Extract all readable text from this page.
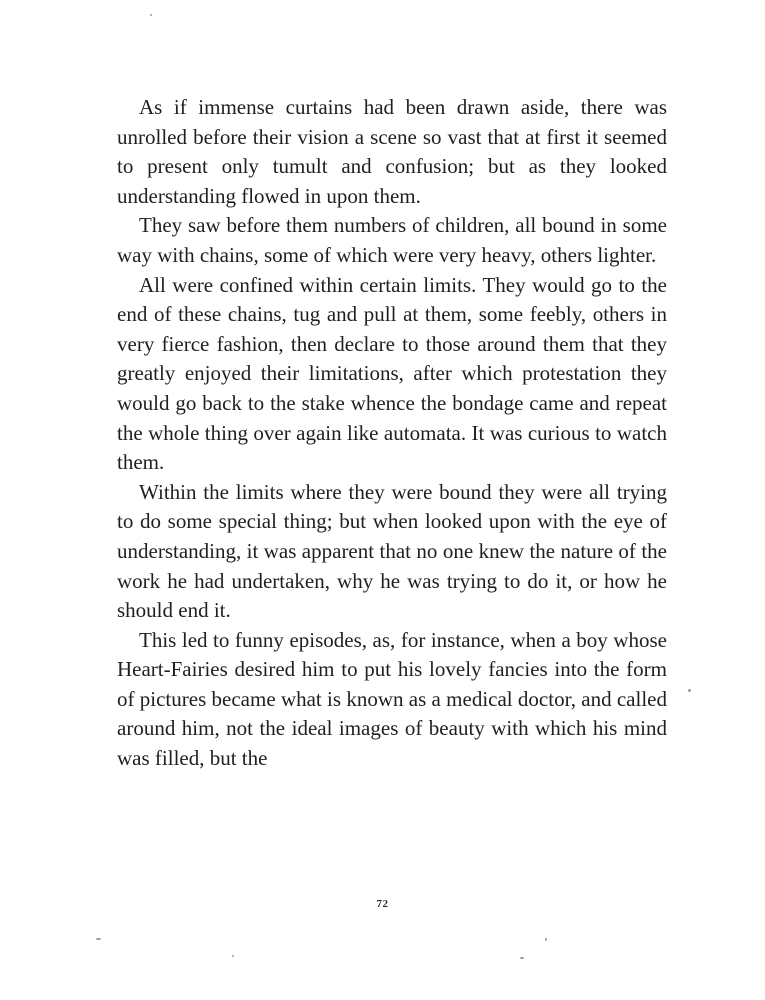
As if immense curtains had been drawn aside, there was unrolled before their vision a scene so vast that at first it seemed to present only tumult and confusion; but as they looked understanding flowed in upon them.

They saw before them numbers of children, all bound in some way with chains, some of which were very heavy, others lighter.

All were confined within certain limits. They would go to the end of these chains, tug and pull at them, some feebly, others in very fierce fashion, then declare to those around them that they greatly enjoyed their limitations, after which protestation they would go back to the stake whence the bondage came and repeat the whole thing over again like automata. It was curious to watch them.

Within the limits where they were bound they were all trying to do some special thing; but when looked upon with the eye of understanding, it was apparent that no one knew the nature of the work he had undertaken, why he was trying to do it, or how he should end it.

This led to funny episodes, as, for instance, when a boy whose Heart-Fairies desired him to put his lovely fancies into the form of pictures became what is known as a medical doctor, and called around him, not the ideal images of beauty with which his mind was filled, but the

72
